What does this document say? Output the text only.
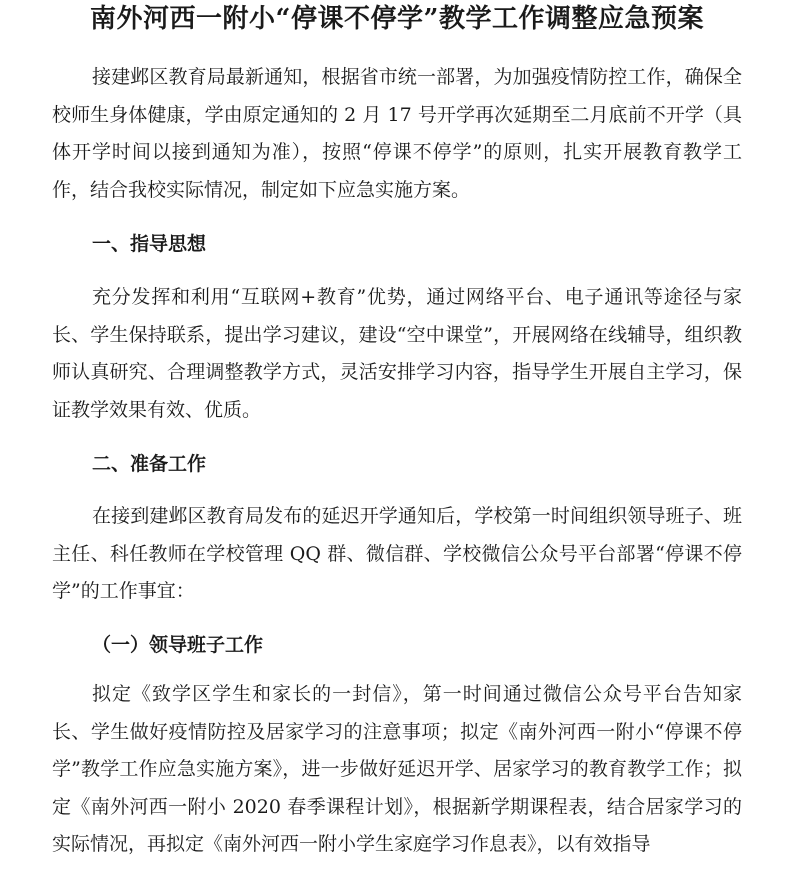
南外河西一附小“停课不停学”教学工作调整应急预案

接建邺区教育局最新通知，根据省市统一部署，为加强疫情防控工作，确保全校师生身体健康，学由原定通知的 2 月 17 号开学再次延期至二月底前不开学（具体开学时间以接到通知为准），按照“停课不停学”的原则，扎实开展教育教学工作，结合我校实际情况，制定如下应急实施方案。

一、指导思想

充分发挥和利用“互联网+教育”优势，通过网络平台、电子通讯等途径与家长、学生保持联系，提出学习建议，建设“空中课堂”，开展网络在线辅导，组织教师认真研究、合理调整教学方式，灵活安排学习内容，指导学生开展自主学习，保证教学效果有效、优质。

二、准备工作

在接到建邺区教育局发布的延迟开学通知后，学校第一时间组织领导班子、班主任、科任教师在学校管理 QQ 群、微信群、学校微信公众号平台部署“停课不停学”的工作事宜：

（一）领导班子工作

拟定《致学区学生和家长的一封信》，第一时间通过微信公众号平台告知家长、学生做好疫情防控及居家学习的注意事项；拟定《南外河西一附小“停课不停学”教学工作应急实施方案》，进一步做好延迟开学、居家学习的教育教学工作；拟定《南外河西一附小 2020 春季课程计划》，根据新学期课程表，结合居家学习的实际情况，再拟定《南外河西一附小学生家庭学习作息表》，以有效指导
